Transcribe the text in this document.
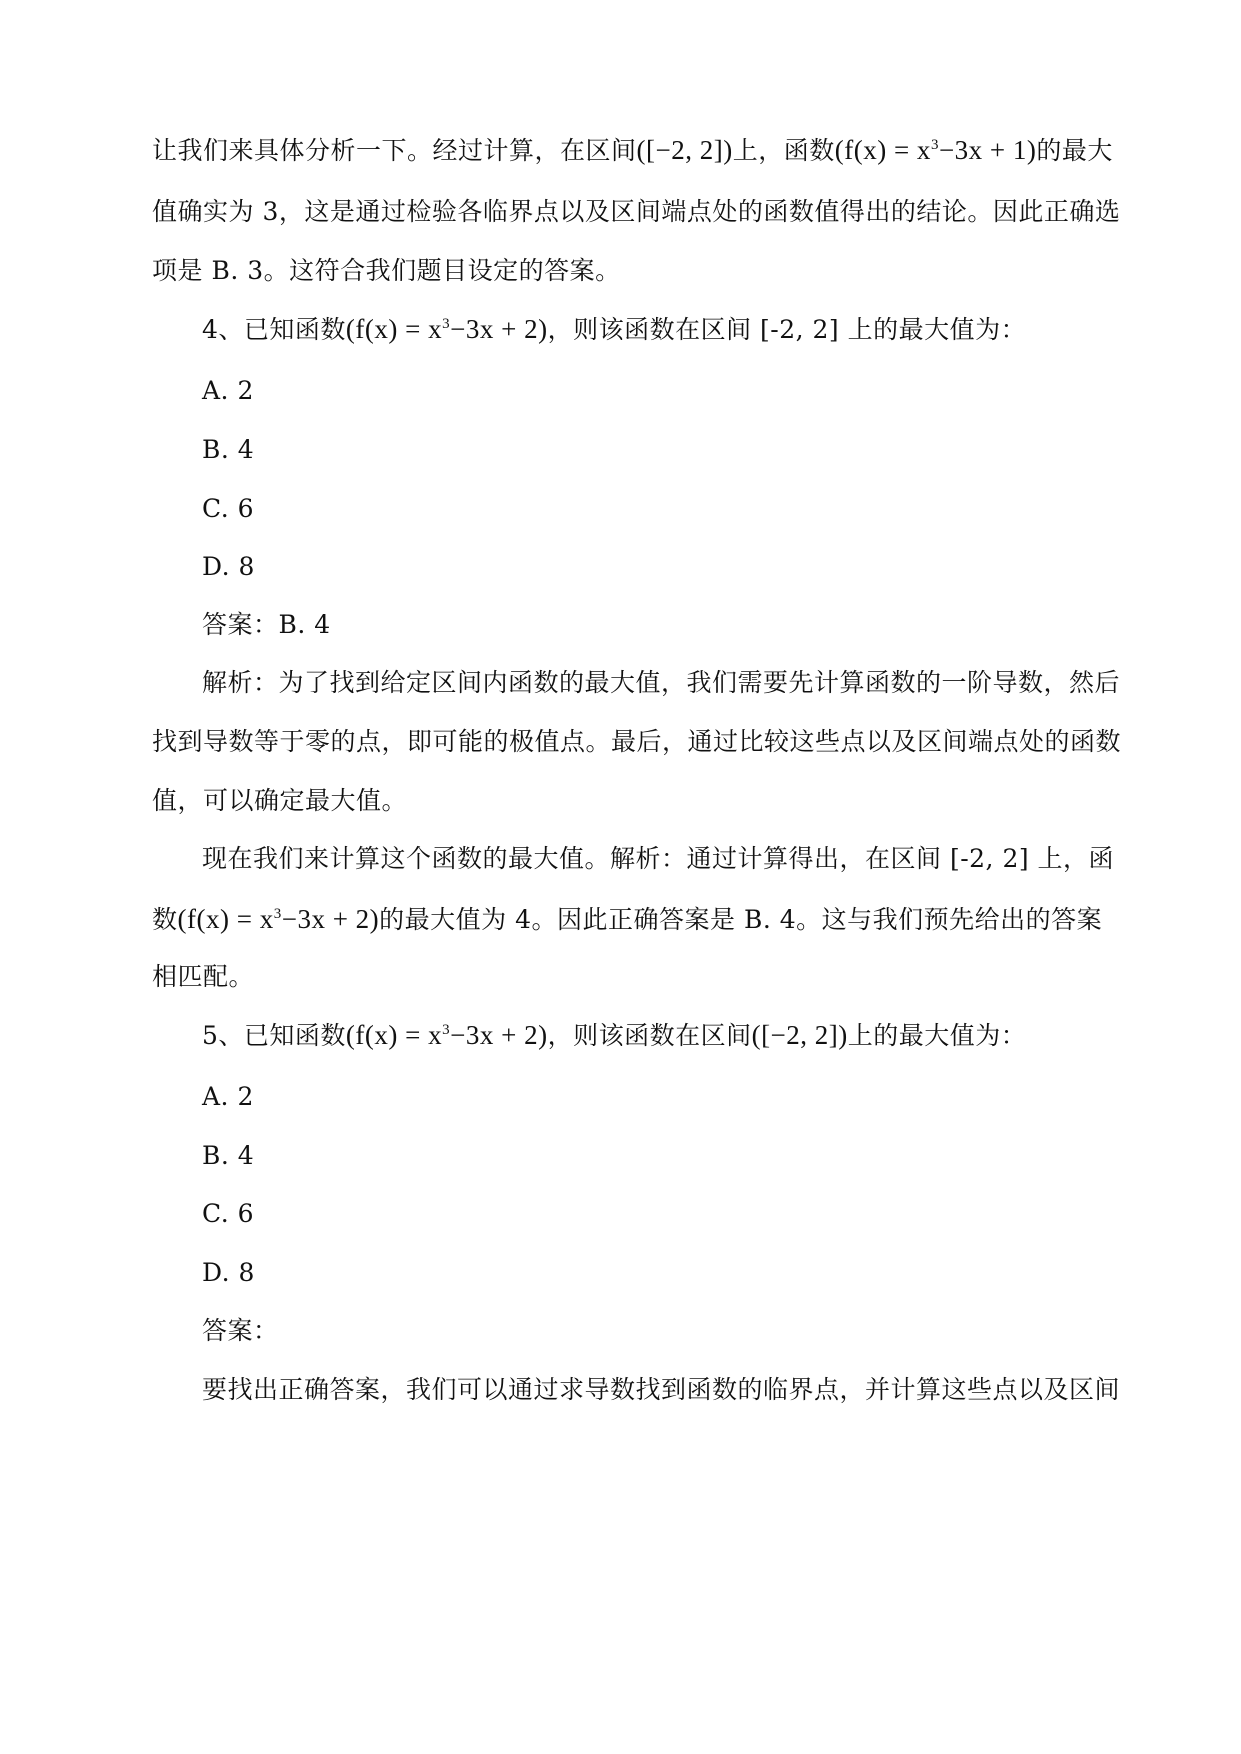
让我们来具体分析一下。经过计算，在区间([−2, 2])上，函数$(f(x) = x^3-3x + 1)$的最大
值确实为 3，这是通过检验各临界点以及区间端点处的函数值得出的结论。因此正确选
项是 B. 3。这符合我们题目设定的答案。
4、已知函数$(f(x) = x^3-3x + 2)$，则该函数在区间 [-2, 2] 上的最大值为：
A. 2
B. 4
C. 6
D. 8
答案：B. 4
解析：为了找到给定区间内函数的最大值，我们需要先计算函数的一阶导数，然后
找到导数等于零的点，即可能的极值点。最后，通过比较这些点以及区间端点处的函数
值，可以确定最大值。
现在我们来计算这个函数的最大值。解析：通过计算得出，在区间 [-2, 2] 上，函
数$(f(x) = x^3-3x + 2)$的最大值为 4。因此正确答案是 B. 4。这与我们预先给出的答案
相匹配。
5、已知函数$(f(x) = x^3-3x + 2)$，则该函数在区间([−2, 2])上的最大值为：
A. 2
B. 4
C. 6
D. 8
答案：
要找出正确答案，我们可以通过求导数找到函数的临界点，并计算这些点以及区间
